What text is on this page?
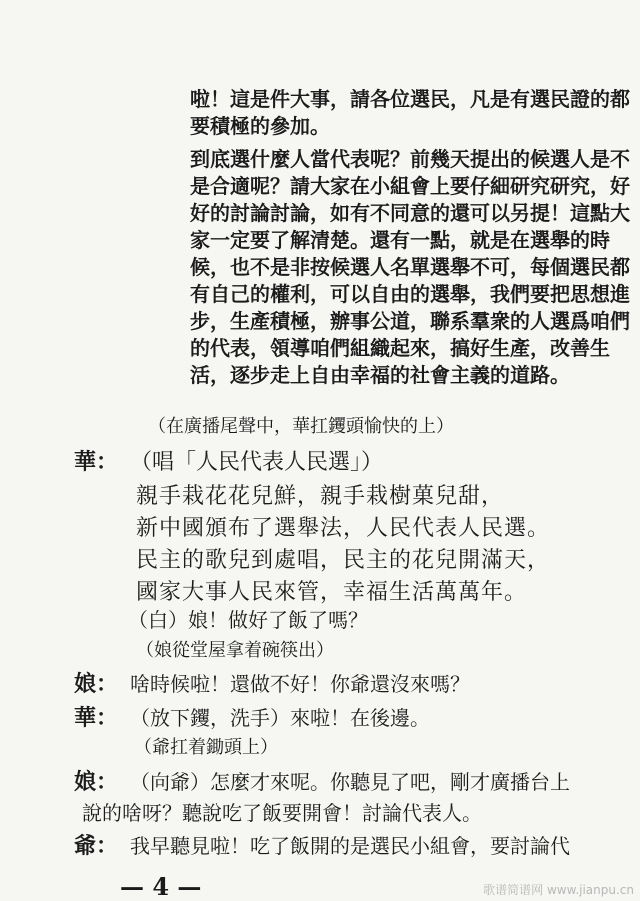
啦！這是件大事，請各位選民，凡是有選民證的都
要積極的參加。
到底選什麼人當代表呢？前幾天提出的候選人是不
是合適呢？請大家在小組會上要仔細研究研究，好
好的討論討論，如有不同意的還可以另提！這點大
家一定要了解清楚。還有一點，就是在選舉的時
候，也不是非按候選人名單選舉不可，每個選民都
有自己的權利，可以自由的選舉，我們要把思想進
步，生產積極，辦事公道，聯系羣衆的人選爲咱們
的代表，領導咱們組織起來，搞好生產，改善生
活，逐步走上自由幸福的社會主義的道路。
（在廣播尾聲中，華扛钁頭愉快的上）
華： （唱「人民代表人民選」）
親手栽花花兒鮮，親手栽樹菓兒甜，
新中國頒布了選舉法，人民代表人民選。
民主的歌兒到處唱，民主的花兒開滿天，
國家大事人民來管，幸福生活萬萬年。
（白）娘！做好了飯了嗎？
（娘從堂屋拿着碗筷出）
娘： 啥時候啦！還做不好！你爺還沒來嗎？
華： （放下钁，洗手）來啦！在後邊。
（爺扛着鋤頭上）
娘： （向爺）怎麼才來呢。你聽見了吧，剛才廣播台上
說的啥呀？聽說吃了飯要開會！討論代表人。
爺： 我早聽見啦！吃了飯開的是選民小組會，要討論代
— 4 —	歌谱简谱网 www.jianpu.cn
